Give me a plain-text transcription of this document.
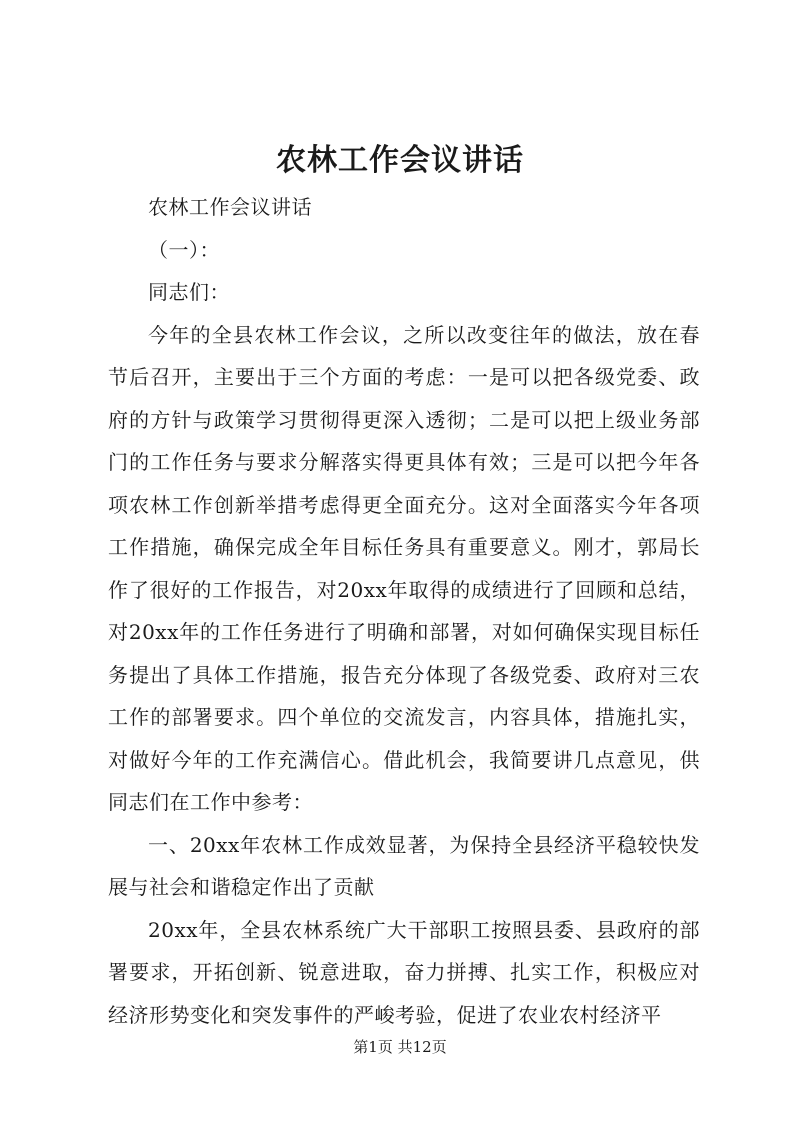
农林工作会议讲话

农林工作会议讲话

（一）：

同志们：

今年的全县农林工作会议，之所以改变往年的做法，放在春节后召开，主要出于三个方面的考虑：一是可以把各级党委、政府的方针与政策学习贯彻得更深入透彻；二是可以把上级业务部门的工作任务与要求分解落实得更具体有效；三是可以把今年各项农林工作创新举措考虑得更全面充分。这对全面落实今年各项工作措施，确保完成全年目标任务具有重要意义。刚才，郭局长作了很好的工作报告，对20xx年取得的成绩进行了回顾和总结，对20xx年的工作任务进行了明确和部署，对如何确保实现目标任务提出了具体工作措施，报告充分体现了各级党委、政府对三农工作的部署要求。四个单位的交流发言，内容具体，措施扎实，对做好今年的工作充满信心。借此机会，我简要讲几点意见，供同志们在工作中参考：

一、20xx年农林工作成效显著，为保持全县经济平稳较快发展与社会和谐稳定作出了贡献

20xx年，全县农林系统广大干部职工按照县委、县政府的部署要求，开拓创新、锐意进取，奋力拼搏、扎实工作，积极应对经济形势变化和突发事件的严峻考验，促进了农业农村经济平

第1页 共12页
